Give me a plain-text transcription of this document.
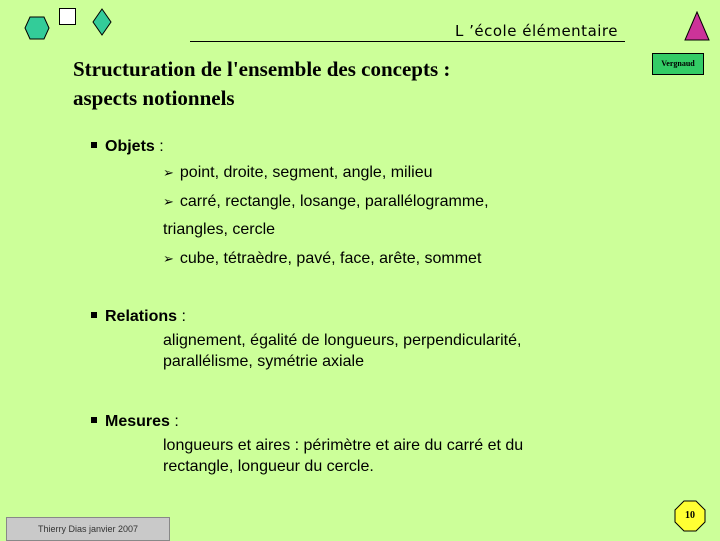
L ’école élémentaire
Structuration de l'ensemble des concepts :
aspects notionnels
Vergnaud
Objets :
➢ point, droite, segment, angle, milieu
➢ carré, rectangle, losange, parallélogramme,
triangles, cercle
➢ cube, tétraèdre, pavé, face, arête, sommet
Relations :
alignement, égalité de longueurs, perpendicularité,
parallélisme, symétrie axiale
Mesures :
longueurs et aires : périmètre et aire du carré et du
rectangle, longueur du cercle.
Thierry Dias janvier 2007
10
